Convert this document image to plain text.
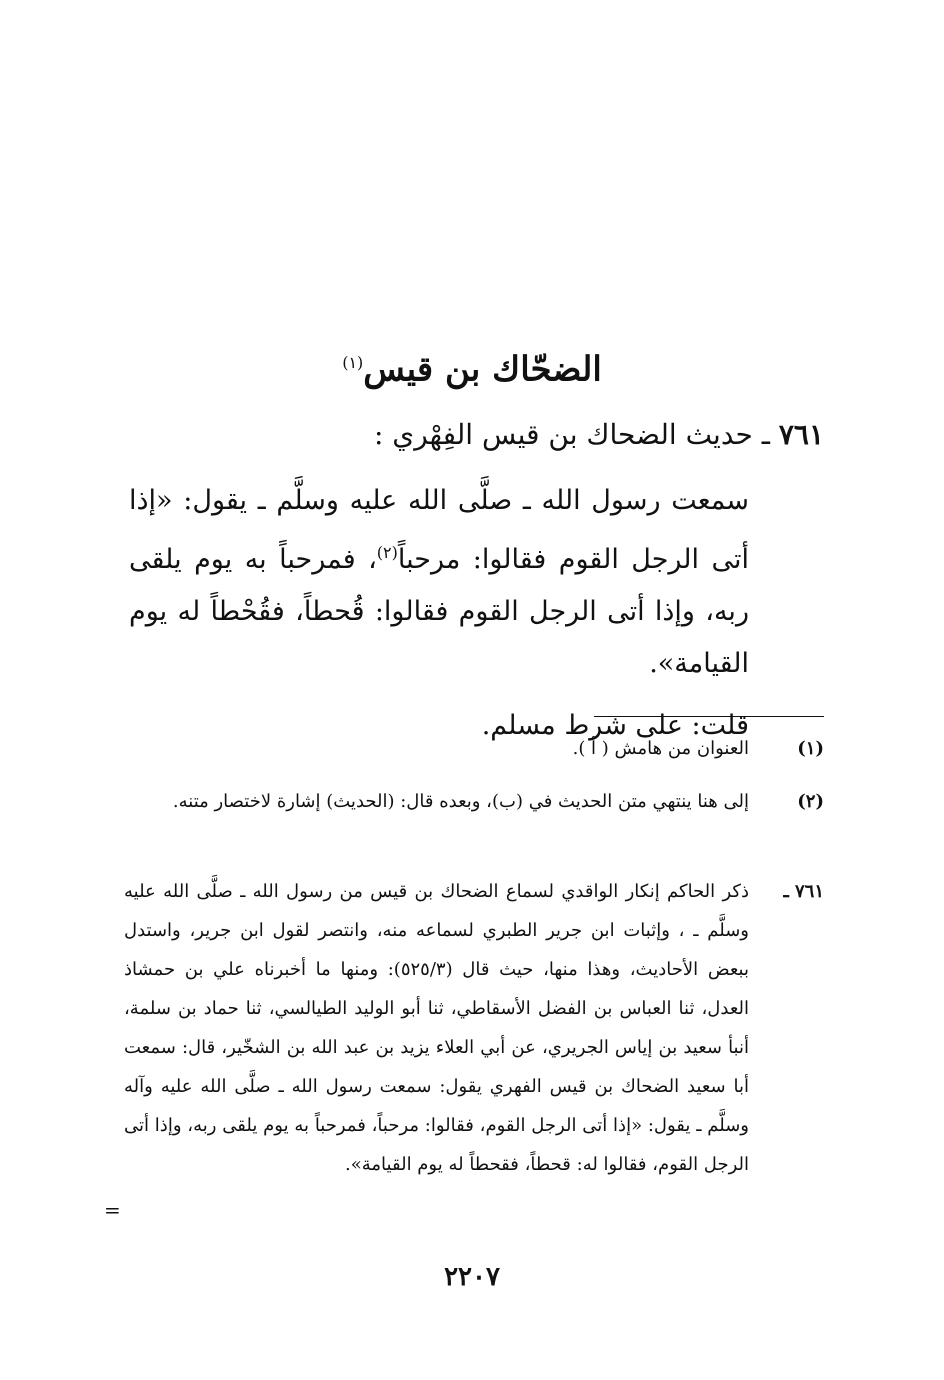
الضحّاك بن قيس$^{(١)}$
٧٦١ ـ حديث الضحاك بن قيس الفِهْري :

سمعت رسول الله ـ صلَّى الله عليه وسلَّم ـ يقول: «إذا أتى الرجل القوم فقالوا: مرحباً$^{(٢)}$، فمرحباً به يوم يلقى ربه، وإذا أتى الرجل القوم فقالوا: قُحطاً، فقُحْطاً له يوم القيامة».

قلت: على شرط مسلم.

(١)
العنوان من هامش ( أ ).
(٢)
إلى هنا ينتهي متن الحديث في (ب)، وبعده قال: (الحديث) إشارة لاختصار متنه.
٧٦١ ـ
ذكر الحاكم إنكار الواقدي لسماع الضحاك بن قيس من رسول الله ـ صلَّى الله عليه وسلَّم ـ ، وإثبات ابن جرير الطبري لسماعه منه، وانتصر لقول ابن جرير، واستدل ببعض الأحاديث، وهذا منها، حيث قال (٥٢٥/٣): ومنها ما أخبرناه علي بن حمشاذ العدل، ثنا العباس بن الفضل الأسقاطي، ثنا أبو الوليد الطيالسي، ثنا حماد بن سلمة، أنبأ سعيد بن إياس الجريري، عن أبي العلاء يزيد بن عبد الله بن الشخّير، قال: سمعت أبا سعيد الضحاك بن قيس الفهري يقول: سمعت رسول الله ـ صلَّى الله عليه وآله وسلَّم ـ يقول: «إذا أتى الرجل القوم، فقالوا: مرحباً، فمرحباً به يوم يلقى ربه، وإذا أتى الرجل القوم، فقالوا له: قحطاً، فقحطاً له يوم القيامة».
=
٢٢٠٧
